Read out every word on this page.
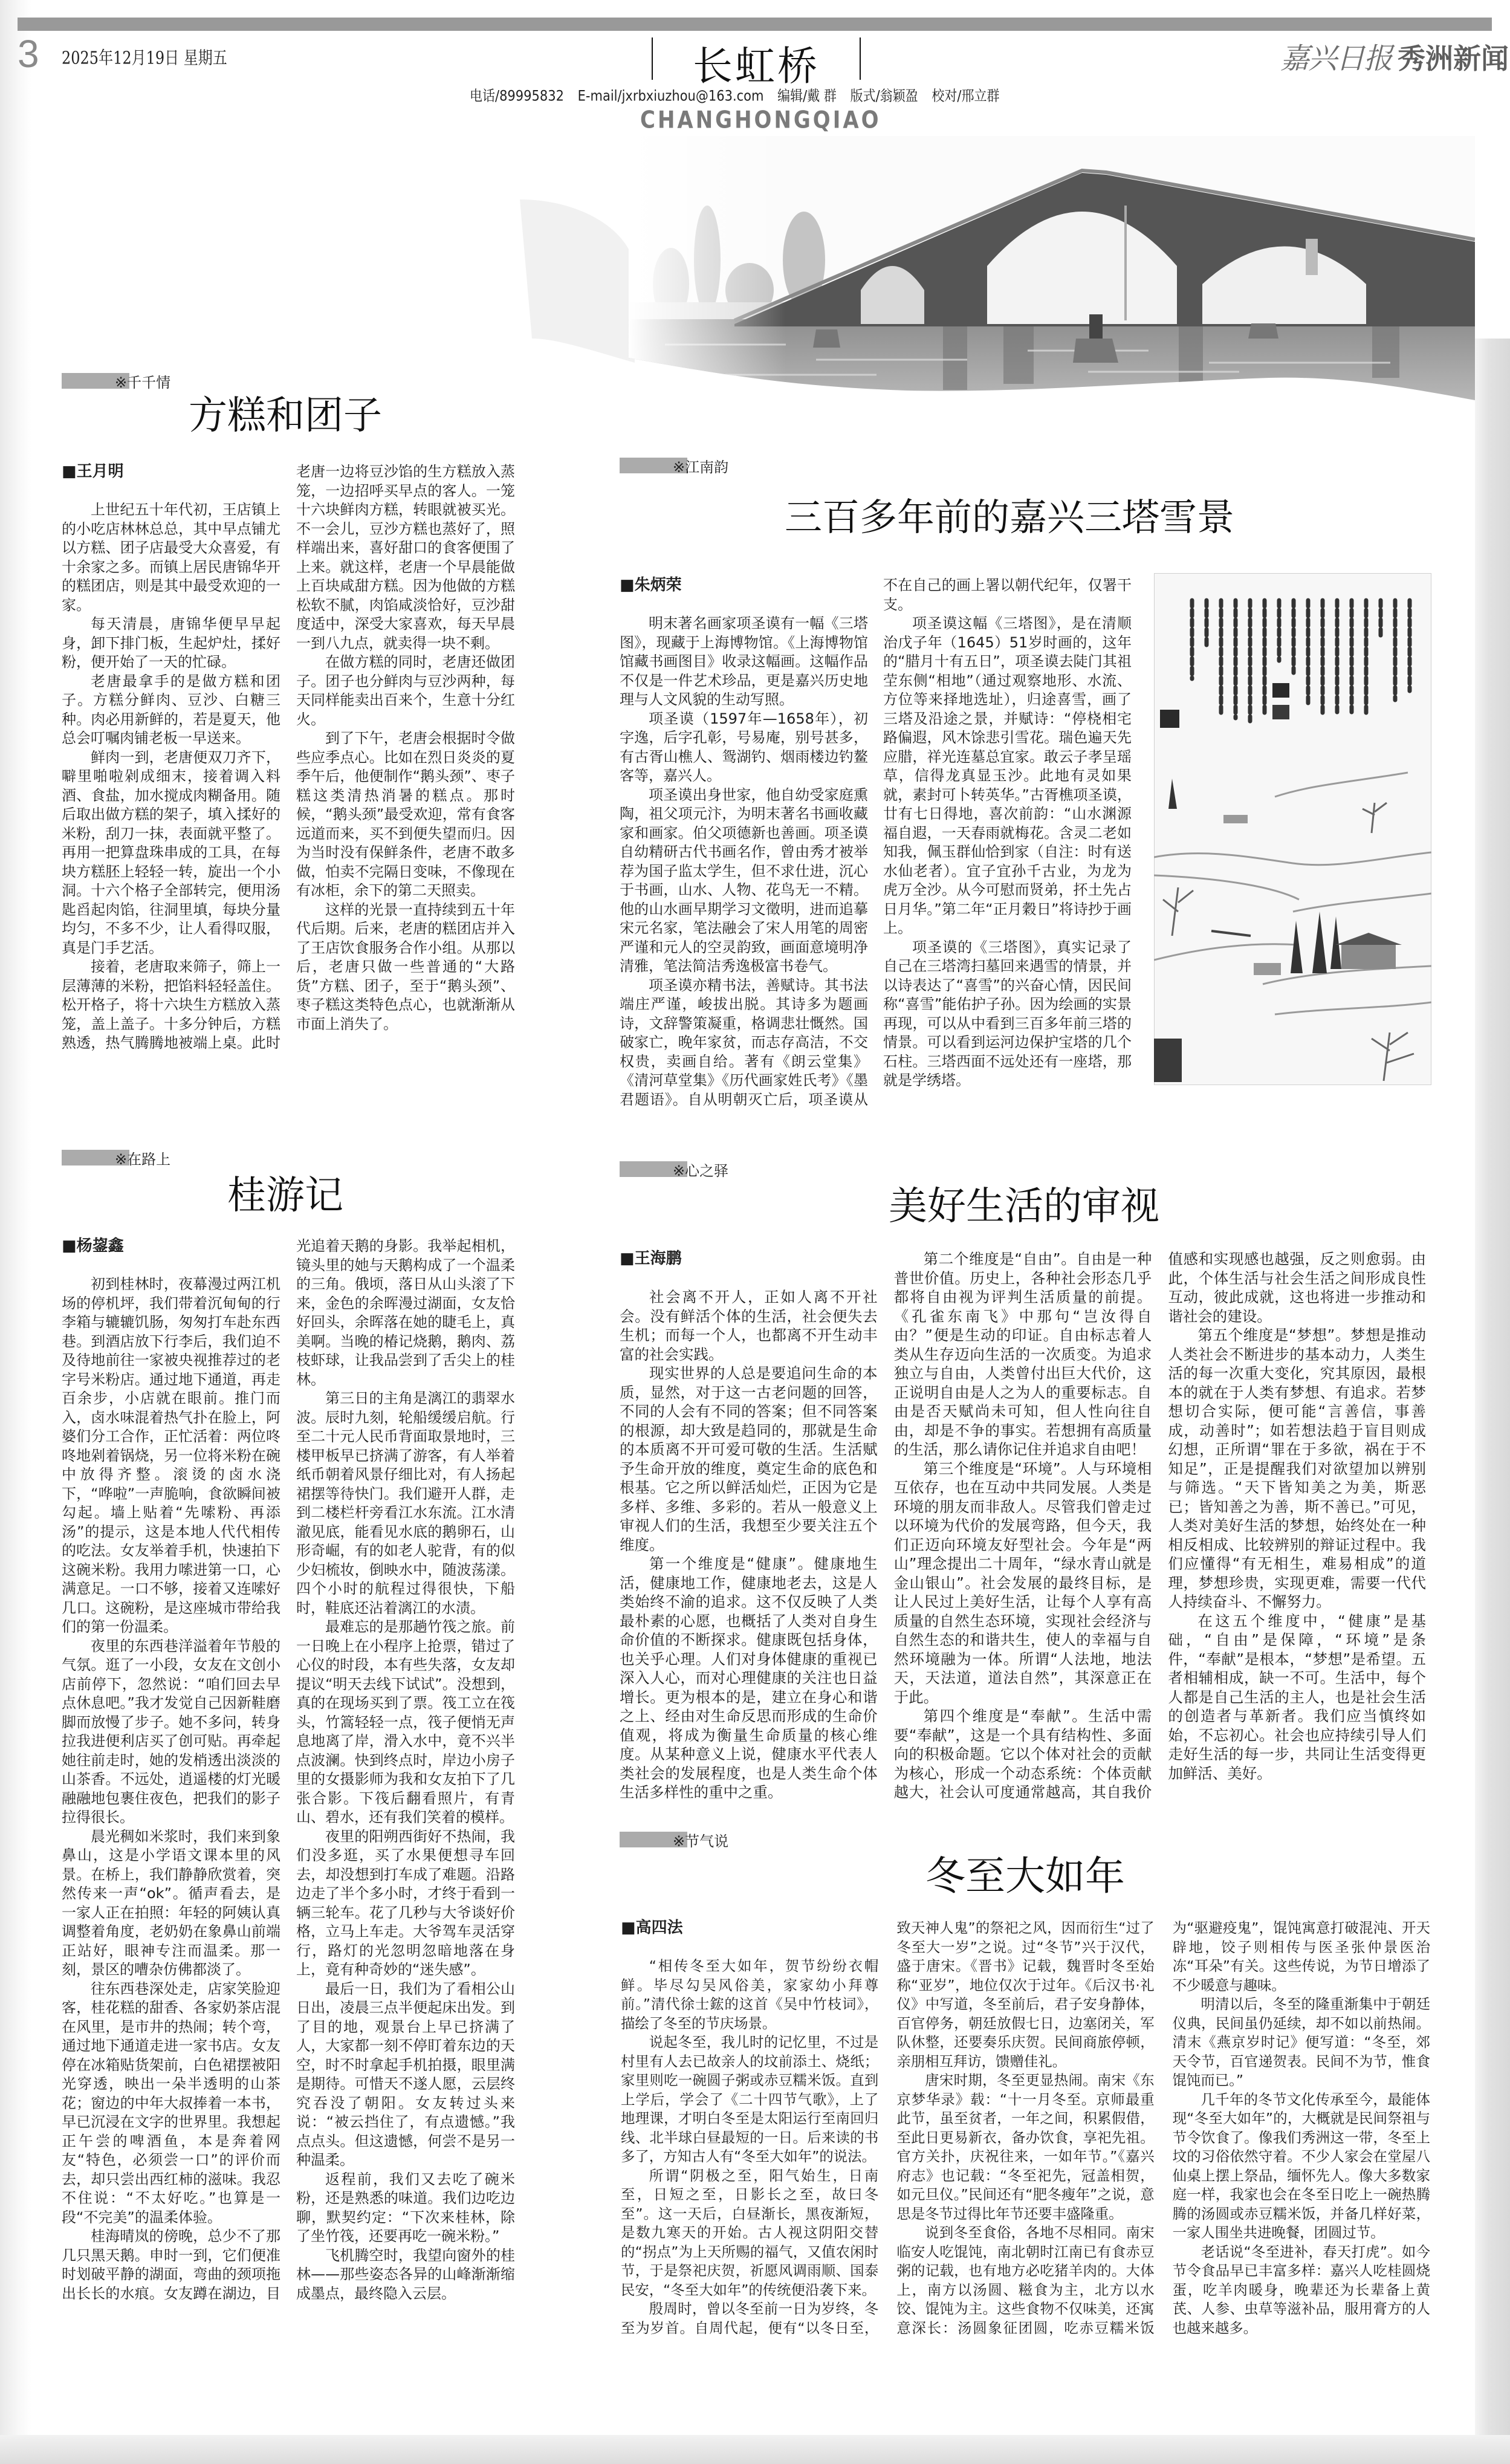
3 2025年12月19日 星期五	长虹桥
电话/89995832 E-mail/jxrbxiuzhou@163.com 编辑/戴 群 版式/翁颖盈 校对/邢立群
CHANGHONGQIAO
嘉兴日报 秀洲新闻
※千千情
方糕和团子
■王月明

上世纪五十年代初，王店镇上的小吃店林林总总，其中早点铺尤以方糕、团子店最受大众喜爱，有十余家之多。而镇上居民唐锦华开的糕团店，则是其中最受欢迎的一家。

每天清晨，唐锦华便早早起身，卸下排门板，生起炉灶，揉好粉，便开始了一天的忙碌。

老唐最拿手的是做方糕和团子。方糕分鲜肉、豆沙、白糖三种。肉必用新鲜的，若是夏天，他总会叮嘱肉铺老板一早送来。

鲜肉一到，老唐便双刀齐下，噼里啪啦剁成细末，接着调入料酒、食盐，加水搅成肉糊备用。随后取出做方糕的架子，填入揉好的米粉，刮刀一抹，表面就平整了。再用一把算盘珠串成的工具，在每块方糕胚上轻轻一转，旋出一个小洞。十六个格子全部转完，便用汤匙舀起肉馅，往洞里填，每块分量均匀，不多不少，让人看得叹服，真是门手艺活。

接着，老唐取来筛子，筛上一层薄薄的米粉，把馅料轻轻盖住。松开格子，将十六块生方糕放入蒸笼，盖上盖子。十多分钟后，方糕熟透，热气腾腾地被端上桌。此时老唐一边将豆沙馅的生方糕放入蒸笼，一边招呼买早点的客人。一笼十六块鲜肉方糕，转眼就被买光。不一会儿，豆沙方糕也蒸好了，照样端出来，喜好甜口的食客便围了上来。就这样，老唐一个早晨能做上百块咸甜方糕。因为他做的方糕松软不腻，肉馅咸淡恰好，豆沙甜度适中，深受大家喜欢，每天早晨一到八九点，就卖得一块不剩。

在做方糕的同时，老唐还做团子。团子也分鲜肉与豆沙两种，每天同样能卖出百来个，生意十分红火。

到了下午，老唐会根据时令做些应季点心。比如在烈日炎炎的夏季午后，他便制作“鹅头颈”、枣子糕这类清热消暑的糕点。那时候，“鹅头颈”最受欢迎，常有食客远道而来，买不到便失望而归。因为当时没有保鲜条件，老唐不敢多做，怕卖不完隔日变味，不像现在有冰柜，余下的第二天照卖。

这样的光景一直持续到五十年代后期。后来，老唐的糕团店并入了王店饮食服务合作小组。从那以后，老唐只做一些普通的“大路货”方糕、团子，至于“鹅头颈”、枣子糕这类特色点心，也就渐渐从市面上消失了。

※江南韵
三百多年前的嘉兴三塔雪景
■朱炳荣

明末著名画家项圣谟有一幅《三塔图》，现藏于上海博物馆。《上海博物馆馆藏书画图目》收录这幅画。这幅作品不仅是一件艺术珍品，更是嘉兴历史地理与人文风貌的生动写照。

项圣谟（1597年—1658年），初字逸，后字孔彰，号易庵，别号甚多，有古胥山樵人、鸳湖钓、烟雨楼边钓鳌客等，嘉兴人。

项圣谟出身世家，他自幼受家庭熏陶，祖父项元汴，为明末著名书画收藏家和画家。伯父项德新也善画。项圣谟自幼精研古代书画名作，曾由秀才被举荐为国子监太学生，但不求仕进，沉心于书画，山水、人物、花鸟无一不精。他的山水画早期学习文徵明，进而追摹宋元名家，笔法融会了宋人用笔的周密严谨和元人的空灵韵致，画面意境明净清雅，笔法简洁秀逸极富书卷气。

项圣谟亦精书法，善赋诗。其书法端庄严谨，峻拔出脱。其诗多为题画诗，文辞警策凝重，格调悲壮慨然。国破家亡，晚年家贫，而志存高洁，不交权贵，卖画自给。著有《朗云堂集》《清河草堂集》《历代画家姓氏考》《墨君题语》。自从明朝灭亡后，项圣谟从不在自己的画上署以朝代纪年，仅署干支。

项圣谟这幅《三塔图》，是在清顺治戊子年（1645）51岁时画的，这年的“腊月十有五日”，项圣谟去陡门其祖茔东侧“相地”（通过观察地形、水流、方位等来择地选址），归途喜雪，画了三塔及沿途之景，并赋诗：“停桡相宅路偏遐，风木馀悲引雪花。瑞色遍天先应腊，祥光连墓总宜家。敢云子孝呈瑶草，信得龙真显玉沙。此地有灵如果就，素封可卜转英华。”古胥樵项圣谟，廿有七日得地，喜次前韵：“山水渊源福自遐，一天春雨就梅花。含灵二老如知我，佩玉群仙恰到家（自注：时有送水仙老者）。宜子宜孙千古业，为龙为虎万全沙。从今可慰而贤弟，抔土先占日月华。”第二年“正月穀日”将诗抄于画上。

项圣谟的《三塔图》，真实记录了自己在三塔湾扫墓回来遇雪的情景，并以诗表达了“喜雪”的兴奋心情，因民间称“喜雪”能佑护子孙。因为绘画的实景再现，可以从中看到三百多年前三塔的情景。可以看到运河边保护宝塔的几个石柱。三塔西面不远处还有一座塔，那就是学绣塔。

※在路上
桂游记
■杨鋆鑫

初到桂林时，夜幕漫过两江机场的停机坪，我们带着沉甸甸的行李箱与辘辘饥肠，匆匆打车赴东西巷。到酒店放下行李后，我们迫不及待地前往一家被央视推荐过的老字号米粉店。通过地下通道，再走百余步，小店就在眼前。推门而入，卤水味混着热气扑在脸上，阿婆们分工合作，正忙活着：两位咚咚地剁着锅烧，另一位将米粉在碗中放得齐整。滚烫的卤水浇下，“哗啦”一声脆响，食欲瞬间被勾起。墙上贴着“先嗦粉、再添汤”的提示，这是本地人代代相传的吃法。女友举着手机，快速拍下这碗米粉。我用力嗦进第一口，心满意足。一口不够，接着又连嗦好几口。这碗粉，是这座城市带给我们的第一份温柔。

夜里的东西巷洋溢着年节般的气氛。逛了一小段，女友在文创小店前停下，忽然说：“咱们回去早点休息吧。”我才发觉自己因新鞋磨脚而放慢了步子。她不多问，转身拉我进便利店买了创可贴。再牵起她往前走时，她的发梢透出淡淡的山茶香。不远处，逍遥楼的灯光暖融融地包裹住夜色，把我们的影子拉得很长。

晨光稠如米浆时，我们来到象鼻山，这是小学语文课本里的风景。在桥上，我们静静欣赏着，突然传来一声“ok”。循声看去，是一家人正在拍照：年轻的阿姨认真调整着角度，老奶奶在象鼻山前端正站好，眼神专注而温柔。那一刻，景区的嘈杂仿佛都淡了。

往东西巷深处走，店家笑脸迎客，桂花糕的甜香、各家奶茶店混在风里，是市井的热闹；转个弯，通过地下通道走进一家书店。女友停在冰箱贴货架前，白色裙摆被阳光穿透，映出一朵半透明的山茶花；窗边的中年大叔捧着一本书，早已沉浸在文字的世界里。我想起正午尝的啤酒鱼，本是奔着网友“特色，必须尝一口”的评价而去，却只尝出西红柿的滋味。我忍不住说：“不太好吃。”也算是一段“不完美”的温柔体验。

桂海晴岚的傍晚，总少不了那几只黑天鹅。申时一到，它们便准时划破平静的湖面，弯曲的颈项拖出长长的水痕。女友蹲在湖边，目光追着天鹅的身影。我举起相机，镜头里的她与天鹅构成了一个温柔的三角。俄顷，落日从山头滚了下来，金色的余晖漫过湖面，女友恰好回头，余晖落在她的睫毛上，真美啊。当晚的椿记烧鹅，鹅肉、荔枝虾球，让我品尝到了舌尖上的桂林。

第三日的主角是漓江的翡翠水波。辰时九刻，轮船缓缓启航。行至二十元人民币背面取景地时，三楼甲板早已挤满了游客，有人举着纸币朝着风景仔细比对，有人扬起裙摆等待快门。我们避开人群，走到二楼栏杆旁看江水东流。江水清澈见底，能看见水底的鹅卵石，山形奇崛，有的如老人驼背，有的似少妇梳妆，倒映水中，随波荡漾。四个小时的航程过得很快，下船时，鞋底还沾着漓江的水渍。

最难忘的是那趟竹筏之旅。前一日晚上在小程序上抢票，错过了心仪的时段，本有些失落，女友却提议“明天去线下试试”。没想到，真的在现场买到了票。筏工立在筏头，竹篙轻轻一点，筏子便悄无声息地离了岸，滑入水中，竟不兴半点波澜。快到终点时，岸边小房子里的女摄影师为我和女友拍下了几张合影。下筏后翻看照片，有青山、碧水，还有我们笑着的模样。

夜里的阳朔西街好不热闹，我们没多逛，买了水果便想寻车回去，却没想到打车成了难题。沿路边走了半个多小时，才终于看到一辆三轮车。花了几秒与大爷谈好价格，立马上车走。大爷驾车灵活穿行，路灯的光忽明忽暗地落在身上，竟有种奇妙的“迷失感”。

最后一日，我们为了看相公山日出，凌晨三点半便起床出发。到了目的地，观景台上早已挤满了人，大家都一刻不停盯着东边的天空，时不时拿起手机拍摄，眼里满是期待。可惜天不遂人愿，云层终究吞没了朝阳。女友转过头来说：“被云挡住了，有点遗憾。”我点点头。但这遗憾，何尝不是另一种温柔。

返程前，我们又去吃了碗米粉，还是熟悉的味道。我们边吃边聊，默契约定：“下次来桂林，除了坐竹筏，还要再吃一碗米粉。”

飞机腾空时，我望向窗外的桂林——那些姿态各异的山峰渐渐缩成墨点，最终隐入云层。

※心之驿
美好生活的审视
■王海鹏

社会离不开人，正如人离不开社会。没有鲜活个体的生活，社会便失去生机；而每一个人，也都离不开生动丰富的社会实践。

现实世界的人总是要追问生命的本质，显然，对于这一古老问题的回答，不同的人会有不同的答案；但不同答案的根源，却大致是趋同的，那就是生命的本质离不开可爱可敬的生活。生活赋予生命开放的维度，奠定生命的底色和根基。它之所以鲜活灿烂，正因为它是多样、多维、多彩的。若从一般意义上审视人们的生活，我想至少要关注五个维度。

第一个维度是“健康”。健康地生活，健康地工作，健康地老去，这是人类始终不渝的追求。这不仅反映了人类最朴素的心愿，也概括了人类对自身生命价值的不断探求。健康既包括身体，也关乎心理。人们对身体健康的重视已深入人心，而对心理健康的关注也日益增长。更为根本的是，建立在身心和谐之上、经由对生命反思而形成的生命价值观，将成为衡量生命质量的核心维度。从某种意义上说，健康水平代表人类社会的发展程度，也是人类生命个体生活多样性的重中之重。

第二个维度是“自由”。自由是一种普世价值。历史上，各种社会形态几乎都将自由视为评判生活质量的前提。《孔雀东南飞》中那句“岂汝得自由？”便是生动的印证。自由标志着人类从生存迈向生活的一次质变。为追求独立与自由，人类曾付出巨大代价，这正说明自由是人之为人的重要标志。自由是否天赋尚未可知，但人性向往自由，却是不争的事实。若想拥有高质量的生活，那么请你记住并追求自由吧！

第三个维度是“环境”。人与环境相互依存，也在互动中共同发展。人类是环境的朋友而非敌人。尽管我们曾走过以环境为代价的发展弯路，但今天，我们正迈向环境友好型社会。今年是“两山”理念提出二十周年，“绿水青山就是金山银山”。社会发展的最终目标，是让人民过上美好生活，让每个人享有高质量的自然生态环境，实现社会经济与自然生态的和谐共生，使人的幸福与自然环境融为一体。所谓“人法地，地法天，天法道，道法自然”，其深意正在于此。

第四个维度是“奉献”。生活中需要“奉献”，这是一个具有结构性、多面向的积极命题。它以个体对社会的贡献为核心，形成一个动态系统：个体贡献越大，社会认可度通常越高，其自我价值感和实现感也越强，反之则愈弱。由此，个体生活与社会生活之间形成良性互动，彼此成就，这也将进一步推动和谐社会的建设。

第五个维度是“梦想”。梦想是推动人类社会不断进步的基本动力，人类生活的每一次重大变化，究其原因，最根本的就在于人类有梦想、有追求。若梦想切合实际，便可能“言善信，事善成，动善时”；如若想法趋于盲目则成幻想，正所谓“罪在于多欲，祸在于不知足”，正是提醒我们对欲望加以辨别与筛选。“天下皆知美之为美，斯恶已；皆知善之为善，斯不善已。”可见，人类对美好生活的梦想，始终处在一种相反相成、比较辨别的辩证过程中。我们应懂得“有无相生，难易相成”的道理，梦想珍贵，实现更难，需要一代代人持续奋斗、不懈努力。

在这五个维度中，“健康”是基础，“自由”是保障，“环境”是条件，“奉献”是根本，“梦想”是希望。五者相辅相成，缺一不可。生活中，每个人都是自己生活的主人，也是社会生活的创造者与革新者。我们应当慎终如始，不忘初心。社会也应持续引导人们走好生活的每一步，共同让生活变得更加鲜活、美好。

※节气说
冬至大如年
■高四法

“相传冬至大如年，贺节纷纷衣帽鲜。毕尽勾吴风俗美，家家幼小拜尊前。”清代徐士鋐的这首《吴中竹枝词》，描绘了冬至的节庆场景。

说起冬至，我儿时的记忆里，不过是村里有人去已故亲人的坟前添土、烧纸；家里则吃一碗圆子粥或赤豆糯米饭。直到上学后，学会了《二十四节气歌》，上了地理课，才明白冬至是太阳运行至南回归线、北半球白昼最短的一日。后来读的书多了，方知古人有“冬至大如年”的说法。

所谓“阴极之至，阳气始生，日南至，日短之至，日影长之至，故曰冬至”。这一天后，白昼渐长，黑夜渐短，是数九寒天的开始。古人视这阴阳交替的“拐点”为上天所赐的福气，又值农闲时节，于是祭祀庆贺，祈愿风调雨顺、国泰民安，“冬至大如年”的传统便沿袭下来。

殷周时，曾以冬至前一日为岁终，冬至为岁首。自周代起，便有“以冬日至，致天神人鬼”的祭祀之风，因而衍生“过了冬至大一岁”之说。过“冬节”兴于汉代，盛于唐宋。《晋书》记载，魏晋时冬至始称“亚岁”，地位仅次于过年。《后汉书·礼仪》中写道，冬至前后，君子安身静体，百官停务，朝廷放假七日，边塞闭关，军队休整，还要奏乐庆贺。民间商旅停顿，亲朋相互拜访，馈赠佳礼。

唐宋时期，冬至更显热闹。南宋《东京梦华录》载：“十一月冬至。京师最重此节，虽至贫者，一年之间，积累假借，至此日更易新衣，备办饮食，享祀先祖。官方关扑，庆祝往来，一如年节。”《嘉兴府志》也记载：“冬至祀先，冠盖相贺，如元旦仪。”民间还有“肥冬瘦年”之说，意思是冬节过得比年节还要丰盛隆重。

说到冬至食俗，各地不尽相同。南宋临安人吃馄饨，南北朝时江南已有食赤豆粥的记载，也有地方必吃猪羊肉的。大体上，南方以汤圆、糍食为主，北方以水饺、馄饨为主。这些食物不仅味美，还寓意深长：汤圆象征团圆，吃赤豆糯米饭为“驱避疫鬼”，馄饨寓意打破混沌、开天辟地，饺子则相传与医圣张仲景医治冻“耳朵”有关。这些传说，为节日增添了不少暖意与趣味。

明清以后，冬至的隆重渐集中于朝廷仪典，民间虽仍延续，却不如以前热闹。清末《燕京岁时记》便写道：“冬至，郊天令节，百官递贺表。民间不为节，惟食馄饨而已。”

几千年的冬节文化传承至今，最能体现“冬至大如年”的，大概就是民间祭祖与节令饮食了。像我们秀洲这一带，冬至上坟的习俗依然守着。不少人家会在堂屋八仙桌上摆上祭品，缅怀先人。像大多数家庭一样，我家也会在冬至日吃上一碗热腾腾的汤圆或赤豆糯米饭，并备几样好菜，一家人围坐共进晚餐，团圆过节。

老话说“冬至进补，春天打虎”。如今节令食品早已丰富多样：嘉兴人吃桂圆烧蛋，吃羊肉暖身，晚辈还为长辈备上黄芪、人参、虫草等滋补品，服用膏方的人也越来越多。
